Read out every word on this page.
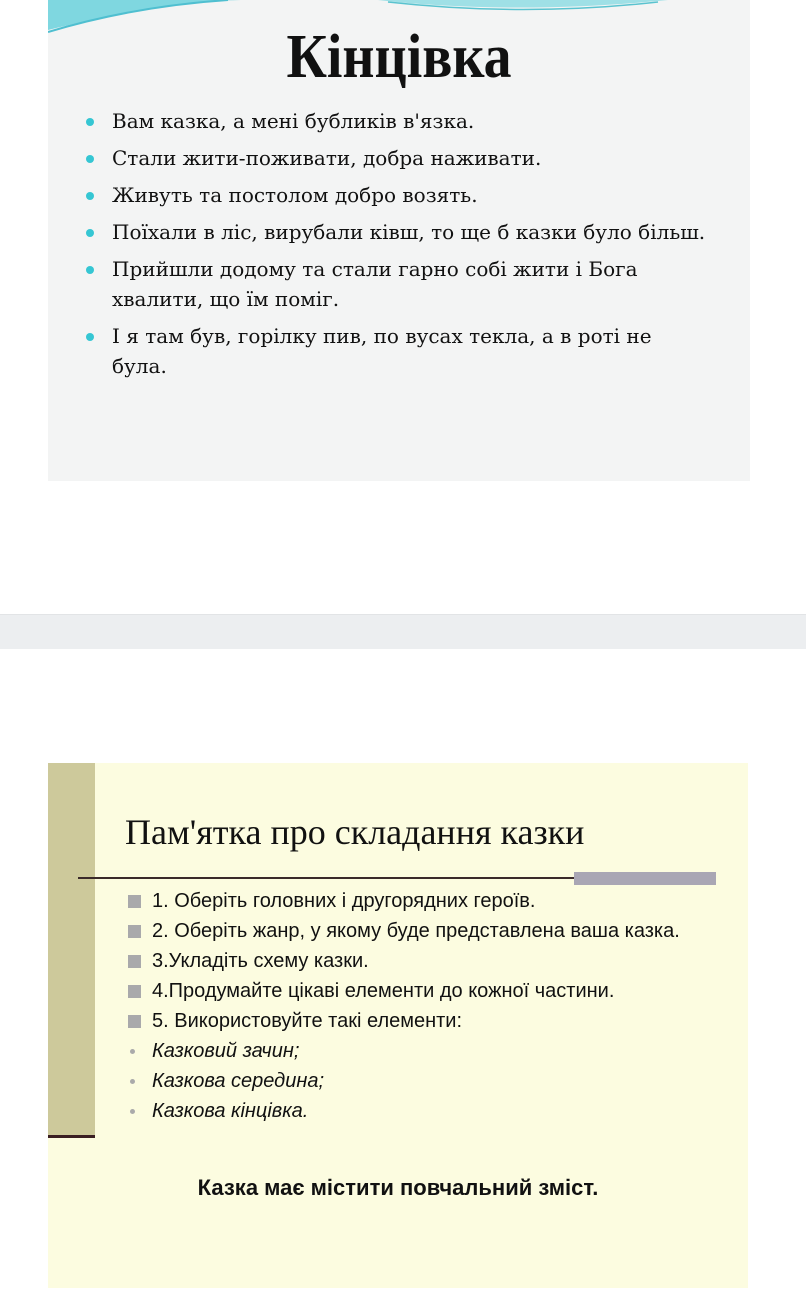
Кінцівка
Вам казка, а мені бубликів в'язка.
Стали жити-поживати, добра наживати.
Живуть та постолом добро возять.
Поїхали в ліс, вирубали ківш, то ще б казки було більш.
Прийшли додому та стали гарно собі жити і Бога хвалити, що їм поміг.
І я там був, горілку пив, по вусах текла, а в роті не була.
Пам'ятка про складання казки
1. Оберіть головних і другорядних героїв.
2. Оберіть жанр, у якому буде представлена ваша казка.
3.Укладіть схему казки.
4.Продумайте цікаві елементи до кожної частини.
5. Використовуйте такі елементи:
Казковий зачин;
Казкова середина;
Казкова кінцівка.
Казка має містити повчальний зміст.
